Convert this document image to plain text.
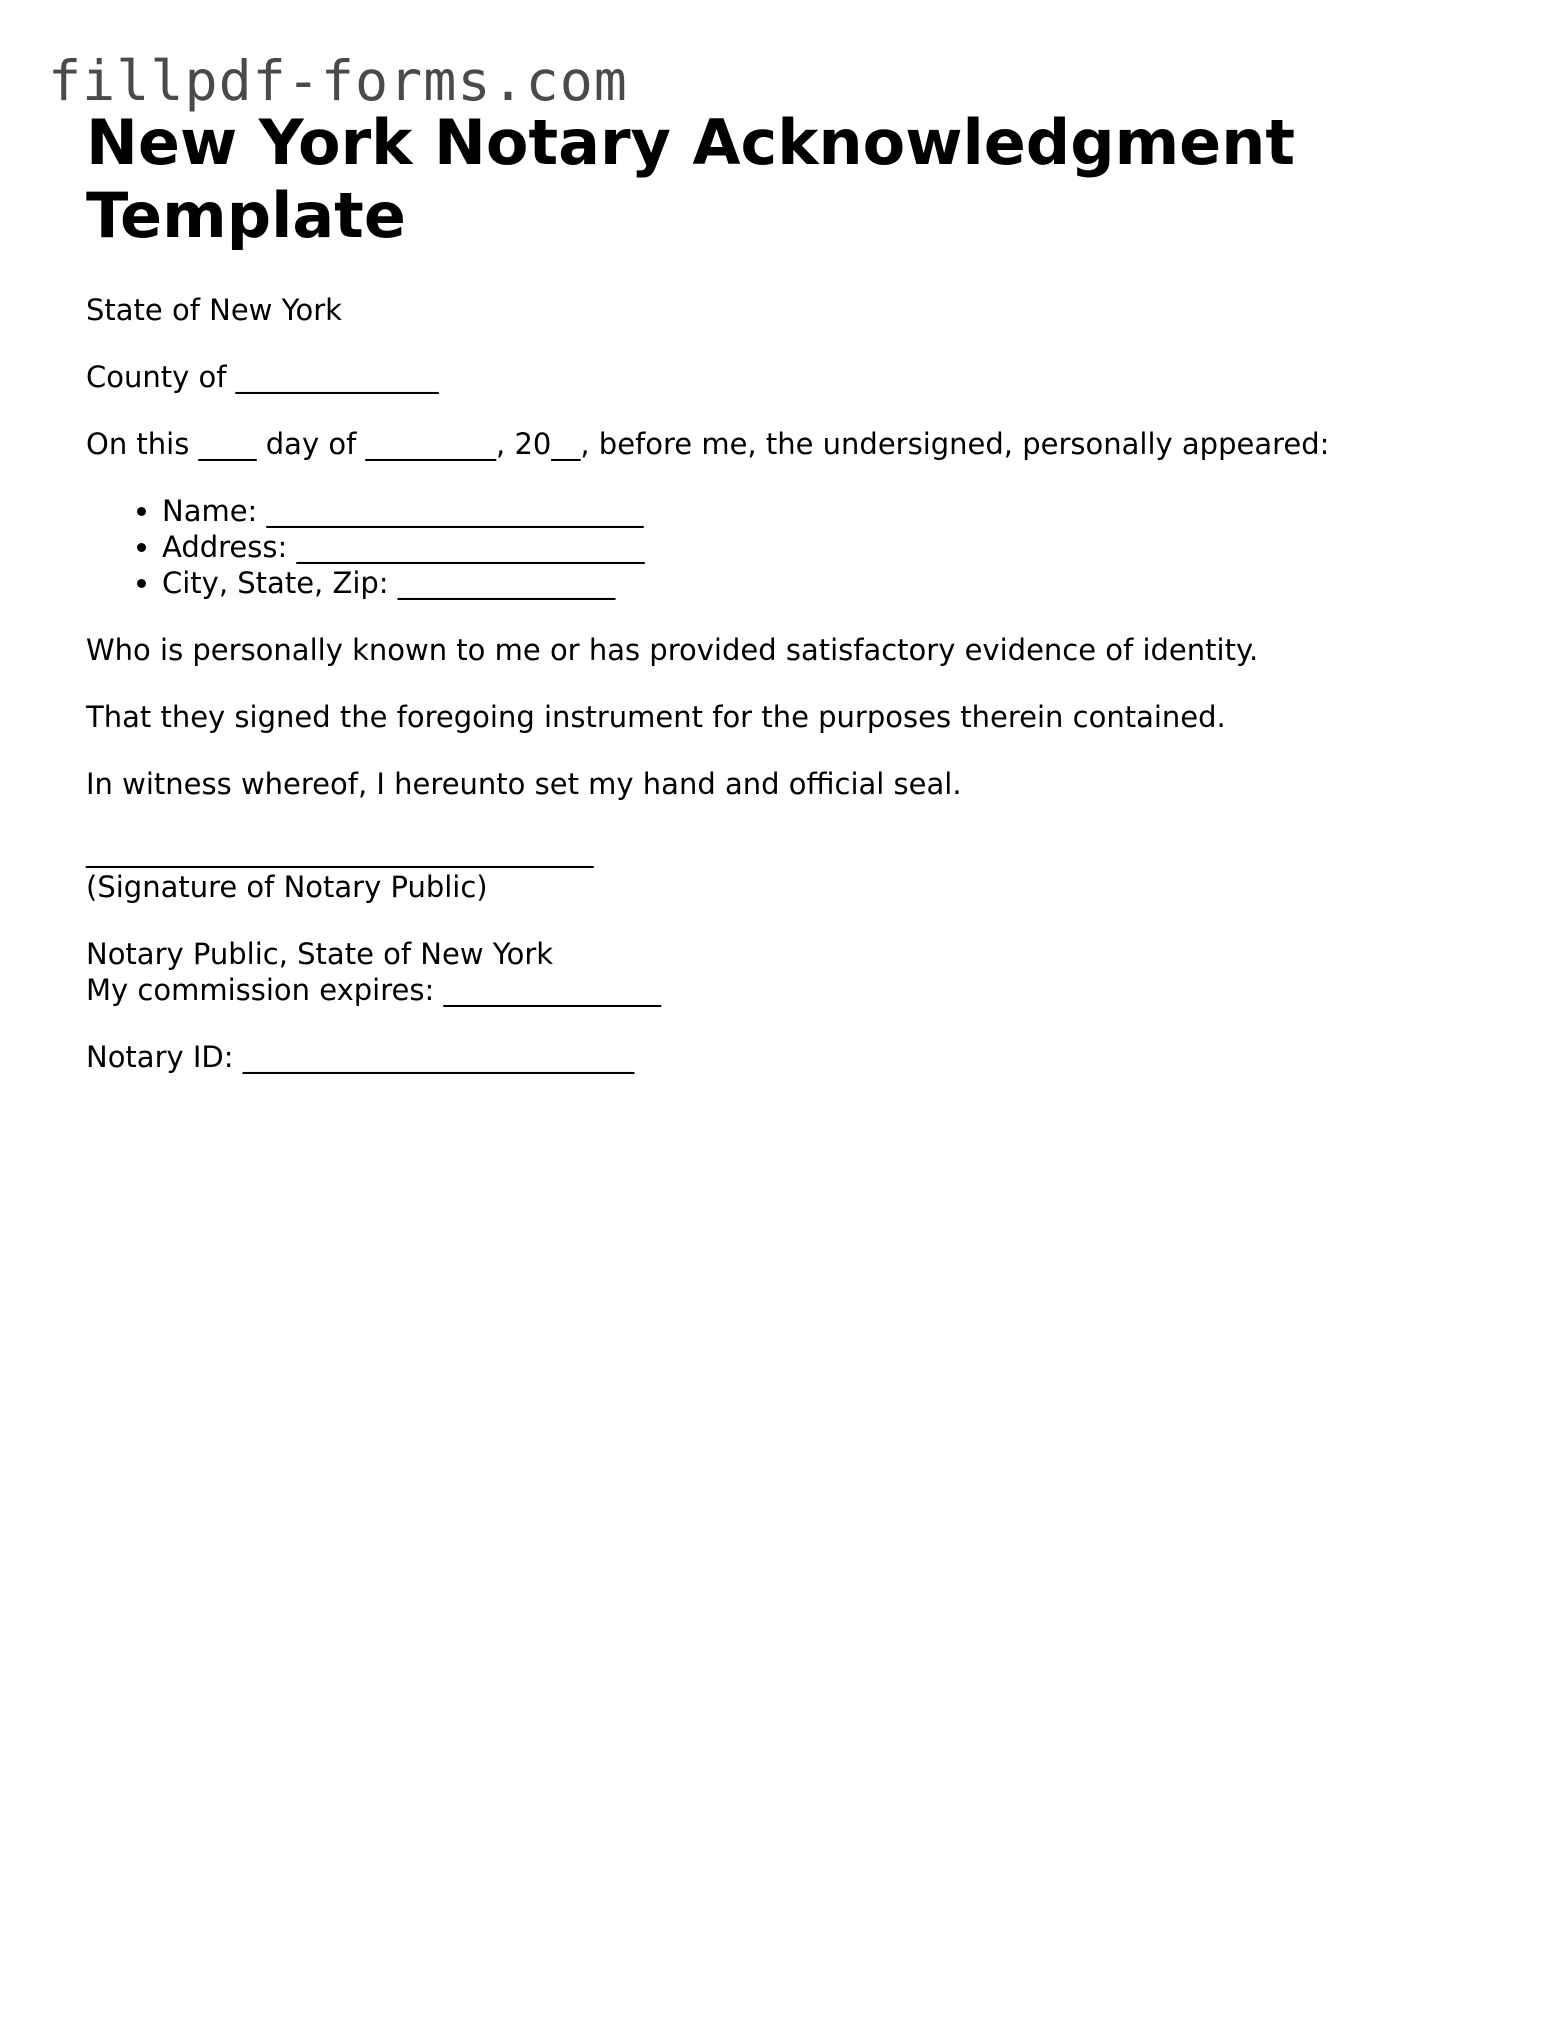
fillpdf-forms.com
New York Notary Acknowledgment Template

State of New York

County of ______________

On this ____ day of _________, 20__, before me, the undersigned, personally appeared:

• Name: __________________________
• Address: ________________________
• City, State, Zip: _______________

Who is personally known to me or has provided satisfactory evidence of identity.

That they signed the foregoing instrument for the purposes therein contained.

In witness whereof, I hereunto set my hand and official seal.

___________________________________
(Signature of Notary Public)

Notary Public, State of New York
My commission expires: _______________

Notary ID: ___________________________
